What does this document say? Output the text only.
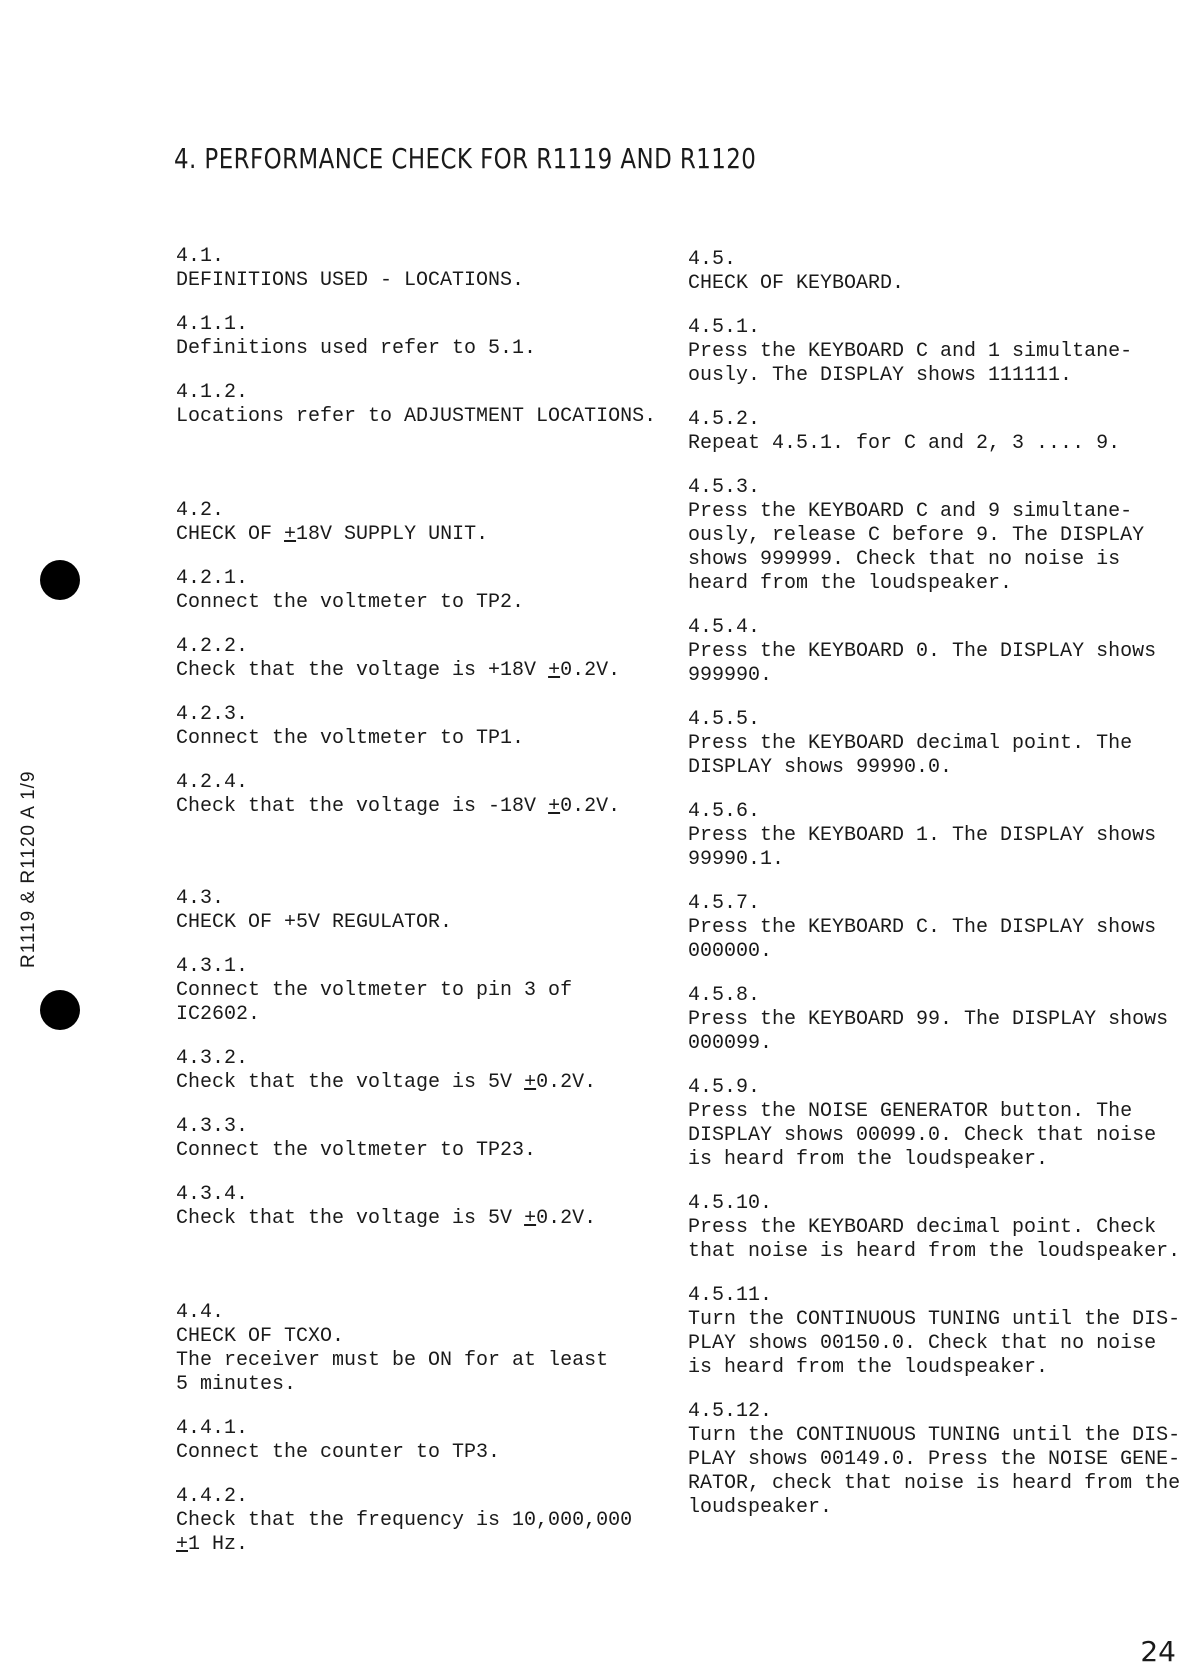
4. PERFORMANCE CHECK FOR R1119 AND R1120
4.1.
DEFINITIONS USED - LOCATIONS.
4.1.1.
Definitions used refer to 5.1.
4.1.2.
Locations refer to ADJUSTMENT LOCATIONS.
4.2.
CHECK OF +18V SUPPLY UNIT.
4.2.1.
Connect the voltmeter to TP2.
4.2.2.
Check that the voltage is +18V +0.2V.
4.2.3.
Connect the voltmeter to TP1.
4.2.4.
Check that the voltage is -18V +0.2V.
4.3.
CHECK OF +5V REGULATOR.
4.3.1.
Connect the voltmeter to pin 3 of
IC2602.
4.3.2.
Check that the voltage is 5V +0.2V.
4.3.3.
Connect the voltmeter to TP23.
4.3.4.
Check that the voltage is 5V +0.2V.
4.4.
CHECK OF TCXO.
The receiver must be ON for at least
5 minutes.
4.4.1.
Connect the counter to TP3.
4.4.2.
Check that the frequency is 10,000,000
+1 Hz.
4.5.
CHECK OF KEYBOARD.
4.5.1.
Press the KEYBOARD C and 1 simultane-
ously. The DISPLAY shows 111111.
4.5.2.
Repeat 4.5.1. for C and 2, 3 .... 9.
4.5.3.
Press the KEYBOARD C and 9 simultane-
ously, release C before 9. The DISPLAY
shows 999999. Check that no noise is
heard from the loudspeaker.
4.5.4.
Press the KEYBOARD 0. The DISPLAY shows
999990.
4.5.5.
Press the KEYBOARD decimal point. The
DISPLAY shows 99990.0.
4.5.6.
Press the KEYBOARD 1. The DISPLAY shows
99990.1.
4.5.7.
Press the KEYBOARD C. The DISPLAY shows
000000.
4.5.8.
Press the KEYBOARD 99. The DISPLAY shows
000099.
4.5.9.
Press the NOISE GENERATOR button. The
DISPLAY shows 00099.0. Check that noise
is heard from the loudspeaker.
4.5.10.
Press the KEYBOARD decimal point. Check
that noise is heard from the loudspeaker.
4.5.11.
Turn the CONTINUOUS TUNING until the DIS-
PLAY shows 00150.0. Check that no noise
is heard from the loudspeaker.
4.5.12.
Turn the CONTINUOUS TUNING until the DIS-
PLAY shows 00149.0. Press the NOISE GENE-
RATOR, check that noise is heard from the
loudspeaker.
R1119 & R1120 A 1/9
24
